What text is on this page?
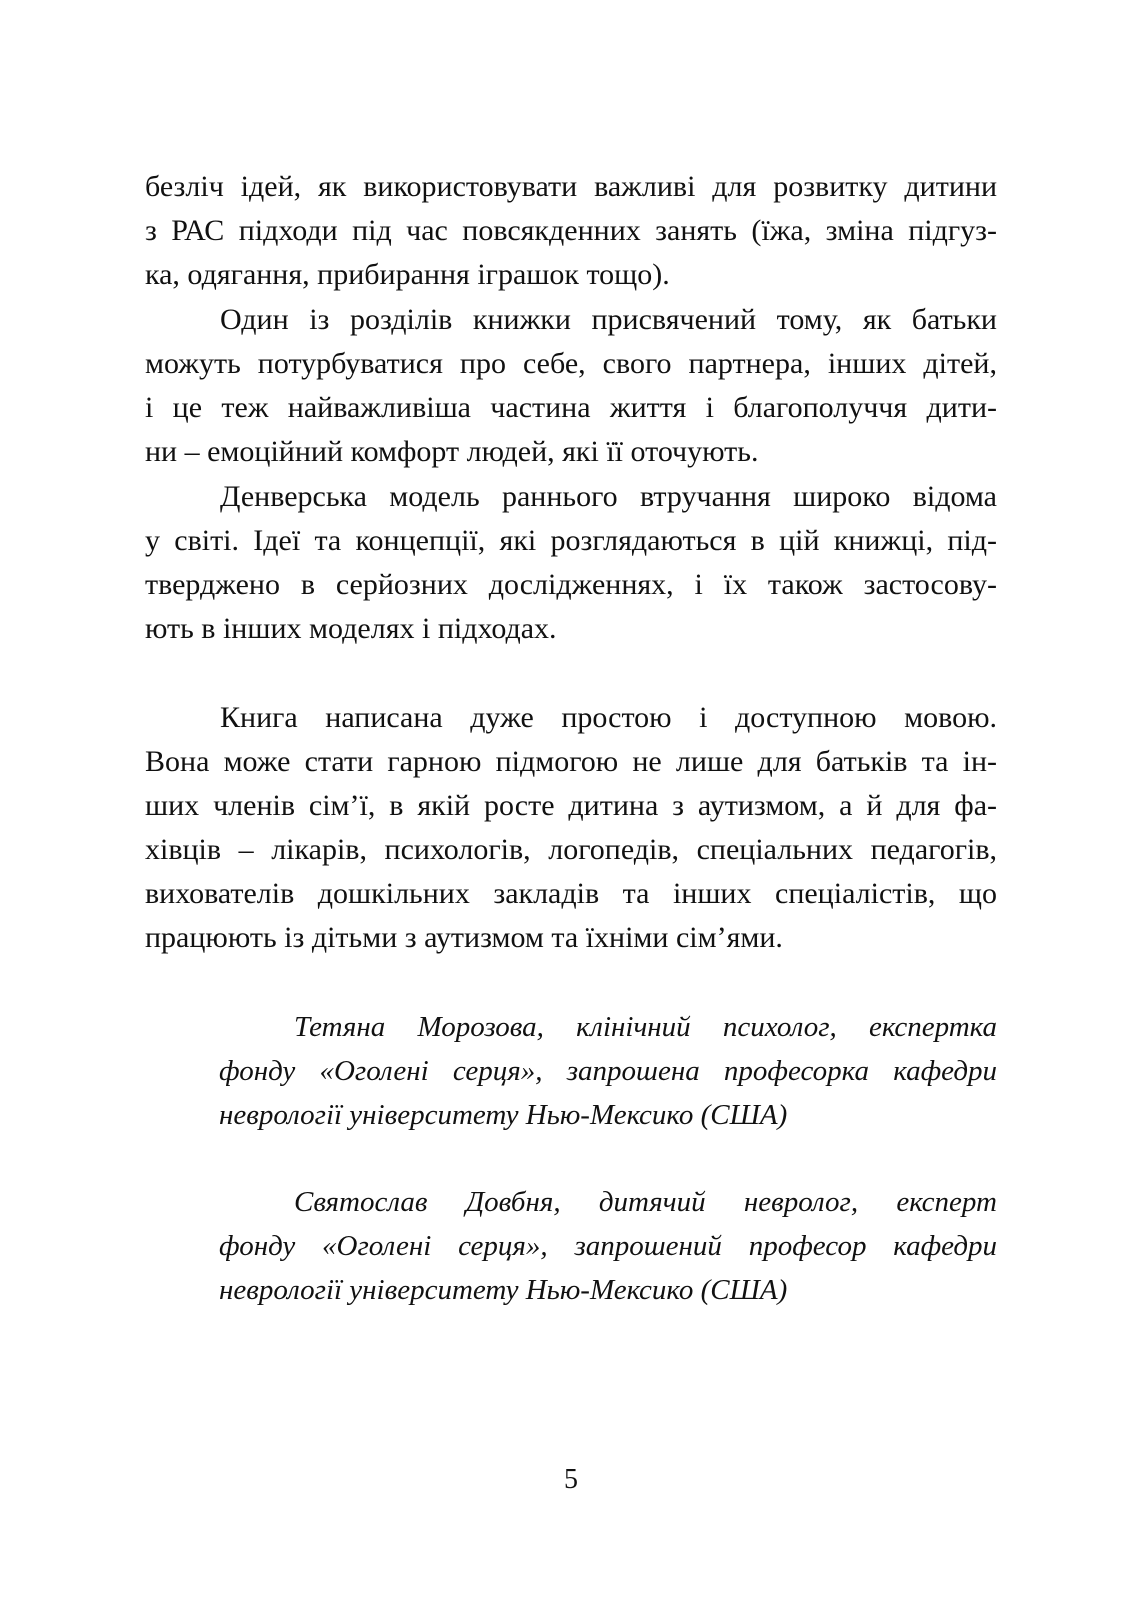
безліч ідей, як використовувати важливі для розвитку дитини
з РАС підходи під час повсякденних занять (їжа, зміна підгуз-
ка, одягання, прибирання іграшок тощо).
Один із розділів книжки присвячений тому, як батьки
можуть потурбуватися про себе, свого партнера, інших дітей,
і це теж найважливіша частина життя і благополуччя дити-
ни – емоційний комфорт людей, які її оточують.
Денверська модель раннього втручання широко відома
у світі. Ідеї та концепції, які розглядаються в цій книжці, під-
тверджено в серйозних дослідженнях, і їх також застосову-
ють в інших моделях і підходах.
Книга написана дуже простою і доступною мовою.
Вона може стати гарною підмогою не лише для батьків та ін-
ших членів сім’ї, в якій росте дитина з аутизмом, а й для фа-
хівців – лікарів, психологів, логопедів, спеціальних педагогів,
вихователів дошкільних закладів та інших спеціалістів, що
працюють із дітьми з аутизмом та їхніми сім’ями.
Тетяна Морозова, клінічний психолог, експертка
фонду «Оголені серця», запрошена професорка кафедри
неврології університету Нью-Мексико (США)
Святослав Довбня, дитячий невролог, експерт
фонду «Оголені серця», запрошений професор кафедри
неврології університету Нью-Мексико (США)
5
